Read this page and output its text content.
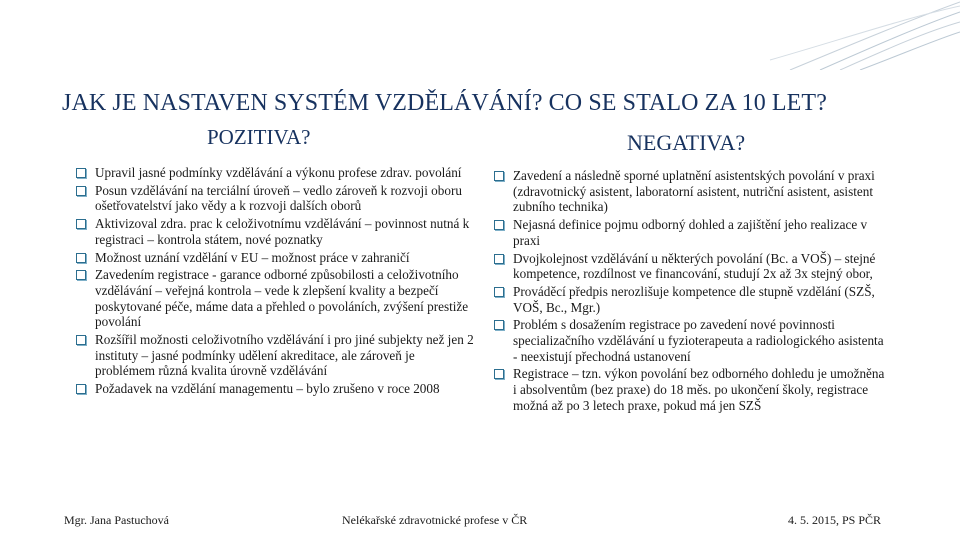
JAK JE NASTAVEN SYSTÉM VZDĚLÁVÁNÍ? CO SE STALO ZA 10 LET?
POZITIVA?	NEGATIVA?
Upravil jasné podmínky vzdělávání a výkonu profese zdrav. povolání
Posun vzdělávání na terciální úroveň – vedlo zároveň k rozvoji oboru ošetřovatelství jako vědy a k rozvoji dalších oborů
Aktivizoval zdra. prac k celoživotnímu vzdělávání – povinnost nutná k registraci – kontrola státem, nové poznatky
Možnost uznání vzdělání v EU – možnost práce v zahraničí
Zavedením registrace - garance odborné způsobilosti a celoživotního vzdělávání – veřejná kontrola – vede k zlepšení kvality a bezpečí poskytované péče, máme data a přehled o povoláních, zvýšení prestiže povolání
Rozšířil možnosti celoživotního vzdělávání i pro jiné subjekty než jen 2 instituty – jasné podmínky udělení akreditace, ale zároveň je problémem různá kvalita úrovně vzdělávání
Požadavek na vzdělání managementu – bylo zrušeno v roce 2008
Zavedení a následně sporné uplatnění asistentských povolání v praxi (zdravotnický asistent, laboratorní asistent, nutriční asistent, asistent zubního technika)
Nejasná definice pojmu odborný dohled a zajištění jeho realizace v praxi
Dvojkolejnost vzdělávání u některých povolání (Bc. a VOŠ) – stejné kompetence, rozdílnost ve financování, studují 2x až 3x stejný obor,
Prováděcí předpis nerozlišuje kompetence dle stupně vzdělání (SZŠ, VOŠ, Bc., Mgr.)
Problém s dosažením registrace po zavedení nové povinnosti specializačního vzdělávání u fyzioterapeuta a radiologického asistenta - neexistují přechodná ustanovení
Registrace – tzn. výkon povolání bez odborného dohledu je umožněna i absolventům (bez praxe) do 18 měs. po ukončení školy, registrace možná až po 3 letech praxe, pokud má jen SZŠ

Mgr. Jana Pastuchová	Nelékařské zdravotnické profese v ČR	4. 5. 2015, PS PČR
